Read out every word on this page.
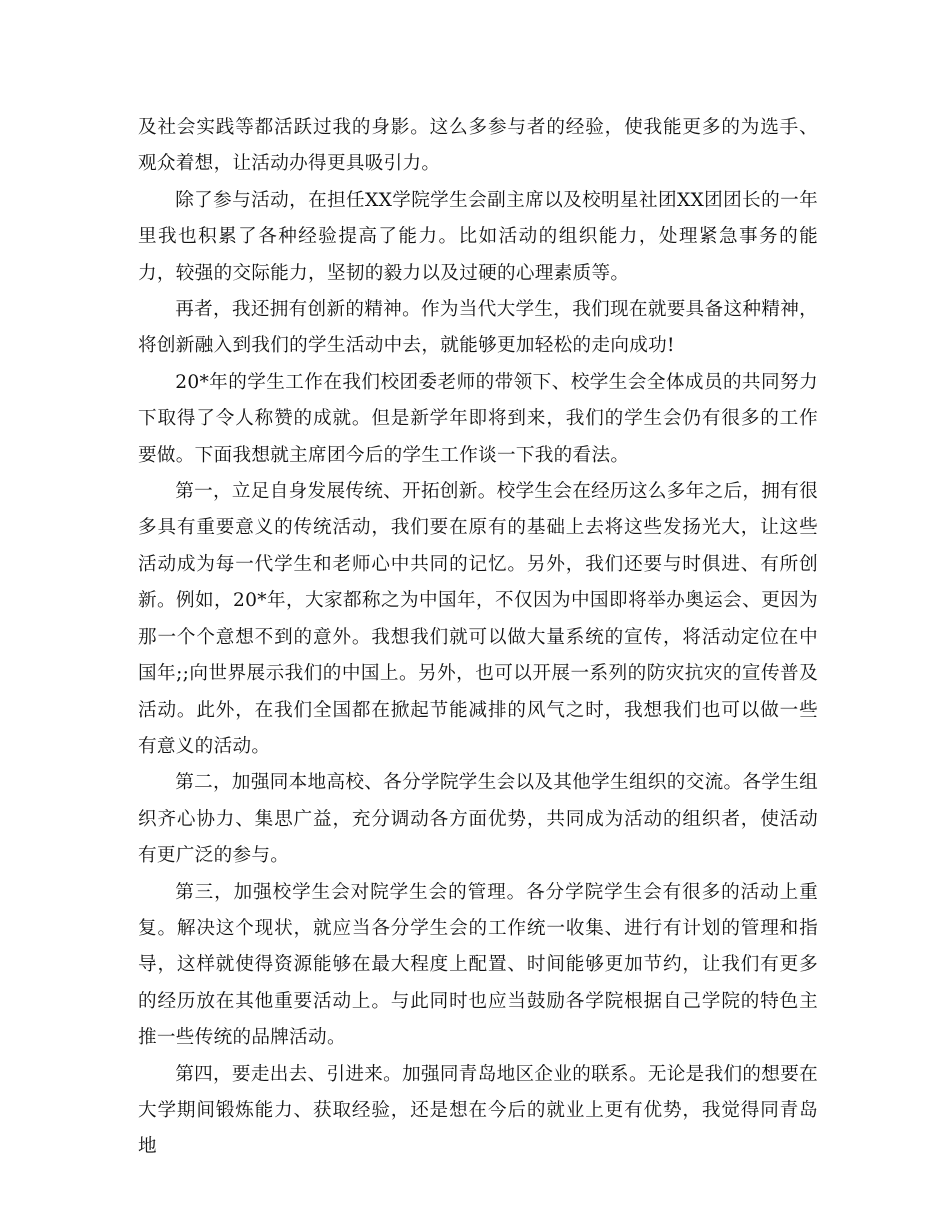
及社会实践等都活跃过我的身影。这么多参与者的经验，使我能更多的为选手、观众着想，让活动办得更具吸引力。

除了参与活动，在担任XX学院学生会副主席以及校明星社团XX团团长的一年里我也积累了各种经验提高了能力。比如活动的组织能力，处理紧急事务的能力，较强的交际能力，坚韧的毅力以及过硬的心理素质等。

再者，我还拥有创新的精神。作为当代大学生，我们现在就要具备这种精神，将创新融入到我们的学生活动中去，就能够更加轻松的走向成功!

20*年的学生工作在我们校团委老师的带领下、校学生会全体成员的共同努力下取得了令人称赞的成就。但是新学年即将到来，我们的学生会仍有很多的工作要做。下面我想就主席团今后的学生工作谈一下我的看法。

第一，立足自身发展传统、开拓创新。校学生会在经历这么多年之后，拥有很多具有重要意义的传统活动，我们要在原有的基础上去将这些发扬光大，让这些活动成为每一代学生和老师心中共同的记忆。另外，我们还要与时俱进、有所创新。例如，20*年，大家都称之为中国年，不仅因为中国即将举办奥运会、更因为那一个个意想不到的意外。我想我们就可以做大量系统的宣传，将活动定位在中国年;;向世界展示我们的中国上。另外，也可以开展一系列的防灾抗灾的宣传普及活动。此外，在我们全国都在掀起节能减排的风气之时，我想我们也可以做一些有意义的活动。

第二，加强同本地高校、各分学院学生会以及其他学生组织的交流。各学生组织齐心协力、集思广益，充分调动各方面优势，共同成为活动的组织者，使活动有更广泛的参与。

第三，加强校学生会对院学生会的管理。各分学院学生会有很多的活动上重复。解决这个现状，就应当各分学生会的工作统一收集、进行有计划的管理和指导，这样就使得资源能够在最大程度上配置、时间能够更加节约，让我们有更多的经历放在其他重要活动上。与此同时也应当鼓励各学院根据自己学院的特色主推一些传统的品牌活动。

第四，要走出去、引进来。加强同青岛地区企业的联系。无论是我们的想要在大学期间锻炼能力、获取经验，还是想在今后的就业上更有优势，我觉得同青岛地
